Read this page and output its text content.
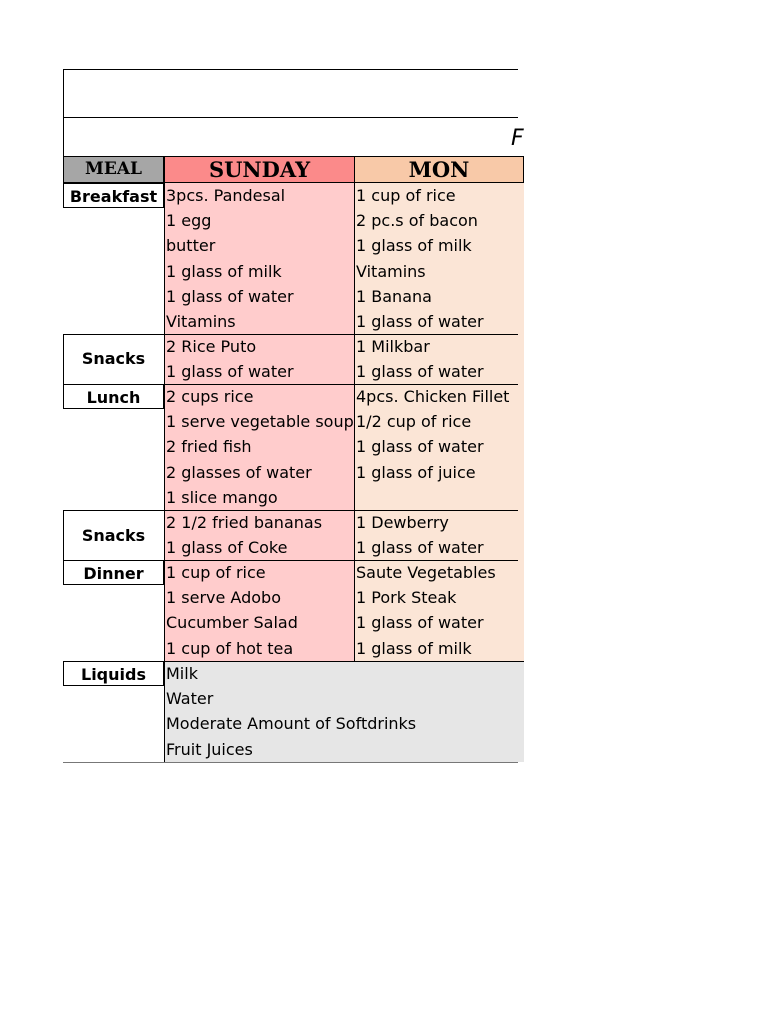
F
MEAL	SUNDAY	MON
Breakfast
Snacks
Lunch
Snacks
Dinner
Liquids
3pcs. Pandesal
1 egg
butter
1 glass of milk
1 glass of water
Vitamins
1 cup of rice
2 pc.s of bacon
1 glass of milk
Vitamins
1 Banana
1 glass of water
2 Rice Puto
1 glass of water
1 Milkbar
1 glass of water
2 cups rice
1 serve vegetable soup
2 fried fish
2 glasses of water
1 slice mango
4pcs. Chicken Fillet
1/2 cup of rice
1 glass of water
1 glass of juice
2 1/2 fried bananas
1 glass of Coke
1 Dewberry
1 glass of water
1 cup of rice
1 serve Adobo
Cucumber Salad
1 cup of hot tea
Saute Vegetables
1 Pork Steak
1 glass of water
1 glass of milk
Milk
Water
Moderate Amount of Softdrinks
Fruit Juices
